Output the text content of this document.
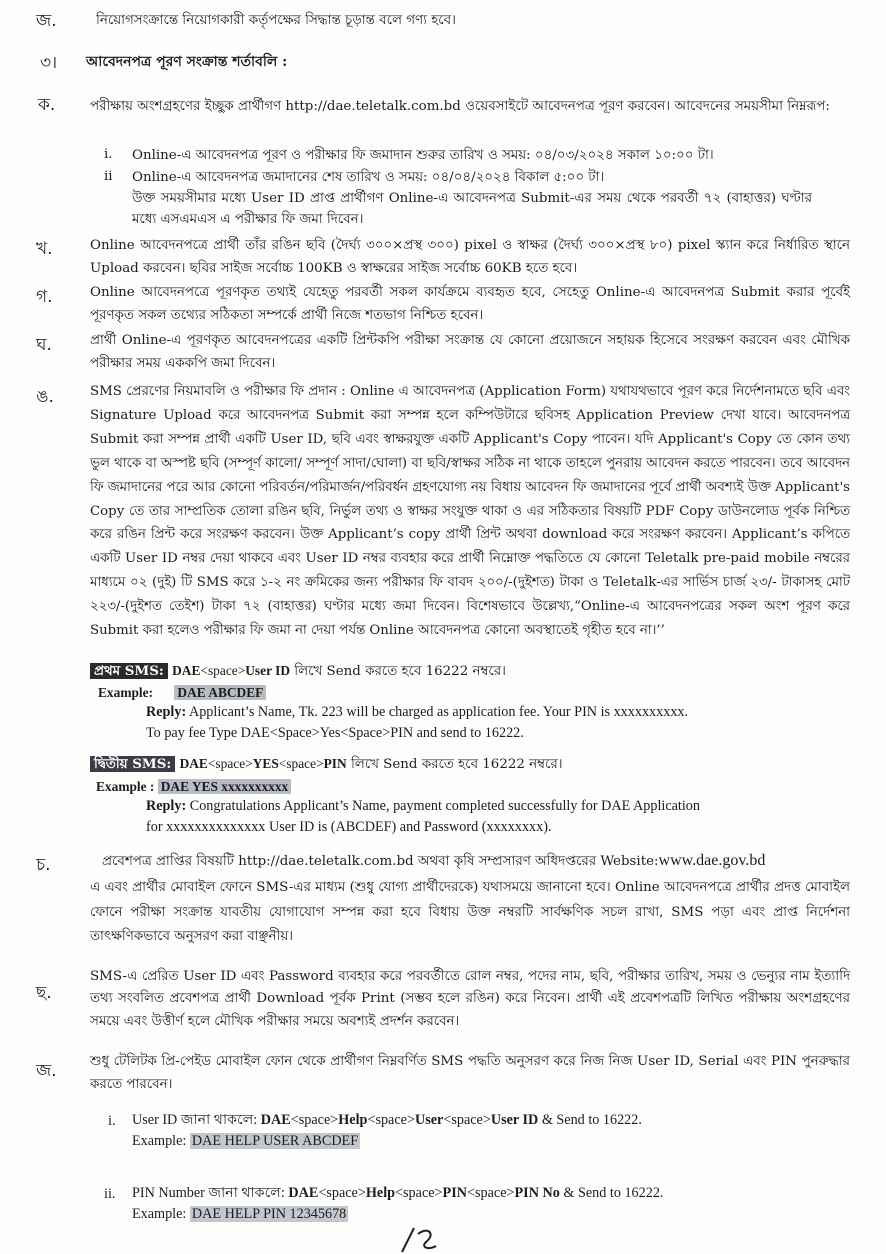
জ.	নিয়োগসংক্রান্তে নিয়োগকারী কর্তৃপক্ষের সিদ্ধান্ত চূড়ান্ত বলে গণ্য হবে।
৩। আবেদনপত্র পূরণ সংক্রান্ত শর্তাবলি :
ক.	পরীক্ষায় অংশগ্রহণের ইচ্ছুক প্রার্থীগণ http://dae.teletalk.com.bd ওয়েবসাইটে আবেদনপত্র পূরণ করবেন। আবেদনের সময়সীমা নিম্নরূপ:
i. Online-এ আবেদনপত্র পূরণ ও পরীক্ষার ফি জমাদান শুরুর তারিখ ও সময়: ০৪/০৩/২০২৪ সকাল ১০:০০ টা।
ii Online-এ আবেদনপত্র জমাদানের শেষ তারিখ ও সময়: ০৪/০৪/২০২৪ বিকাল ৫:০০ টা।
উক্ত সময়সীমার মধ্যে User ID প্রাপ্ত প্রার্থীগণ Online-এ আবেদনপত্র Submit-এর সময় থেকে পরবর্তী ৭২ (বাহাত্তর) ঘণ্টার মধ্যে এসএমএস এ পরীক্ষার ফি জমা দিবেন।
খ.	Online আবেদনপত্রে প্রার্থী তাঁর রঙিন ছবি (দৈর্ঘ্য ৩০০×প্রস্থ ৩০০) pixel ও স্বাক্ষর (দৈর্ঘ্য ৩০০×প্রস্থ ৮০) pixel স্ক্যান করে নির্ধারিত স্থানে Upload করবেন। ছবির সাইজ সর্বোচ্চ 100KB ও স্বাক্ষরের সাইজ সর্বোচ্চ 60KB হতে হবে।
গ.	Online আবেদনপত্রে পূরণকৃত তথ্যই যেহেতু পরবর্তী সকল কার্যক্রমে ব্যবহৃত হবে, সেহেতু Online-এ আবেদনপত্র Submit করার পূর্বেই পূরণকৃত সকল তথ্যের সঠিকতা সম্পর্কে প্রার্থী নিজে শতভাগ নিশ্চিত হবেন।
ঘ.	প্রার্থী Online-এ পূরণকৃত আবেদনপত্রের একটি প্রিন্টকপি পরীক্ষা সংক্রান্ত যে কোনো প্রয়োজনে সহায়ক হিসেবে সংরক্ষণ করবেন এবং মৌখিক পরীক্ষার সময় এককপি জমা দিবেন।
ঙ.	SMS প্রেরণের নিয়মাবলি ও পরীক্ষার ফি প্রদান : Online এ আবেদনপত্র (Application Form) যথাযথভাবে পূরণ করে নির্দেশনামতে ছবি এবং Signature Upload করে আবেদনপত্র Submit করা সম্পন্ন হলে কম্পিউটারে ছবিসহ Application Preview দেখা যাবে। আবেদনপত্র Submit করা সম্পন্ন প্রার্থী একটি User ID, ছবি এবং স্বাক্ষরযুক্ত একটি Applicant's Copy পাবেন। যদি Applicant's Copy তে কোন তথ্য ভুল থাকে বা অস্পষ্ট ছবি (সম্পূর্ণ কালো/ সম্পূর্ণ সাদা/ঘোলা) বা ছবি/স্বাক্ষর সঠিক না থাকে তাহলে পুনরায় আবেদন করতে পারবেন। তবে আবেদন ফি জমাদানের পরে আর কোনো পরিবর্তন/পরিমার্জন/পরিবর্ধন গ্রহণযোগ্য নয় বিধায় আবেদন ফি জমাদানের পূর্বে প্রার্থী অবশ্যই উক্ত Applicant's Copy তে তার সাম্প্রতিক তোলা রঙিন ছবি, নির্ভুল তথ্য ও স্বাক্ষর সংযুক্ত থাকা ও এর সঠিকতার বিষয়টি PDF Copy ডাউনলোড পূর্বক নিশ্চিত করে রঙিন প্রিন্ট করে সংরক্ষণ করবেন। উক্ত Applicant’s copy প্রার্থী প্রিন্ট অথবা download করে সংরক্ষণ করবেন। Applicant’s কপিতে একটি User ID নম্বর দেয়া থাকবে এবং User ID নম্বর ব্যবহার করে প্রার্থী নিম্নোক্ত পদ্ধতিতে যে কোনো Teletalk pre-paid mobile নম্বরের মাধ্যমে ০২ (দুই) টি SMS করে ১-২ নং ক্রমিকের জন্য পরীক্ষার ফি বাবদ ২০০/-(দুইশত) টাকা ও Teletalk-এর সার্ভিস চার্জ ২৩/- টাকাসহ মোট ২২৩/-(দুইশত তেইশ) টাকা ৭২ (বাহাত্তর) ঘণ্টার মধ্যে জমা দিবেন। বিশেষভাবে উল্লেখ্য,“Online-এ আবেদনপত্রের সকল অংশ পূরণ করে Submit করা হলেও পরীক্ষার ফি জমা না দেয়া পর্যন্ত Online আবেদনপত্র কোনো অবস্থাতেই গৃহীত হবে না।’’
প্রথম SMS: DAE<space>User ID লিখে Send করতে হবে 16222 নম্বরে।
Example: DAE ABCDEF
Reply: Applicant’s Name, Tk. 223 will be charged as application fee. Your PIN is xxxxxxxxxx.
To pay fee Type DAE<Space>Yes<Space>PIN and send to 16222.
দ্বিতীয় SMS: DAE<space>YES<space>PIN লিখে Send করতে হবে 16222 নম্বরে।
Example : DAE YES xxxxxxxxxx
Reply: Congratulations Applicant’s Name, payment completed successfully for DAE Application
for xxxxxxxxxxxxxx User ID is (ABCDEF) and Password (xxxxxxxx).
চ.	প্রবেশপত্র প্রাপ্তির বিষয়টি http://dae.teletalk.com.bd অথবা কৃষি সম্প্রসারণ অধিদপ্তরের Website:www.dae.gov.bd
এ এবং প্রার্থীর মোবাইল ফোনে SMS-এর মাধ্যম (শুধু যোগ্য প্রার্থীদেরকে) যথাসময়ে জানানো হবে। Online আবেদনপত্রে প্রার্থীর প্রদত্ত মোবাইল ফোনে পরীক্ষা সংক্রান্ত যাবতীয় যোগাযোগ সম্পন্ন করা হবে বিধায় উক্ত নম্বরটি সার্বক্ষণিক সচল রাখা, SMS পড়া এবং প্রাপ্ত নির্দেশনা তাৎক্ষণিকভাবে অনুসরণ করা বাঞ্ছনীয়।
ছ.
SMS-এ প্রেরিত User ID এবং Password ব্যবহার করে পরবর্তীতে রোল নম্বর, পদের নাম, ছবি, পরীক্ষার তারিখ, সময় ও ভেন্যুর নাম ইত্যাদি তথ্য সংবলিত প্রবেশপত্র প্রার্থী Download পূর্বক Print (সম্ভব হলে রঙিন) করে নিবেন। প্রার্থী এই প্রবেশপত্রটি লিখিত পরীক্ষায় অংশগ্রহণের সময়ে এবং উত্তীর্ণ হলে মৌখিক পরীক্ষার সময়ে অবশ্যই প্রদর্শন করবেন।
জ. শুধু টেলিটক প্রি-পেইড মোবাইল ফোন থেকে প্রার্থীগণ নিম্নবর্ণিত SMS পদ্ধতি অনুসরণ করে নিজ নিজ User ID, Serial এবং PIN পুনরুদ্ধার করতে পারবেন।
i. User ID জানা থাকলে: DAE<space>Help<space>User<space>User ID & Send to 16222.
Example: DAE HELP USER ABCDEF
ii. PIN Number জানা থাকলে: DAE<space>Help<space>PIN<space>PIN No & Send to 16222.
Example: DAE HELP PIN 12345678
